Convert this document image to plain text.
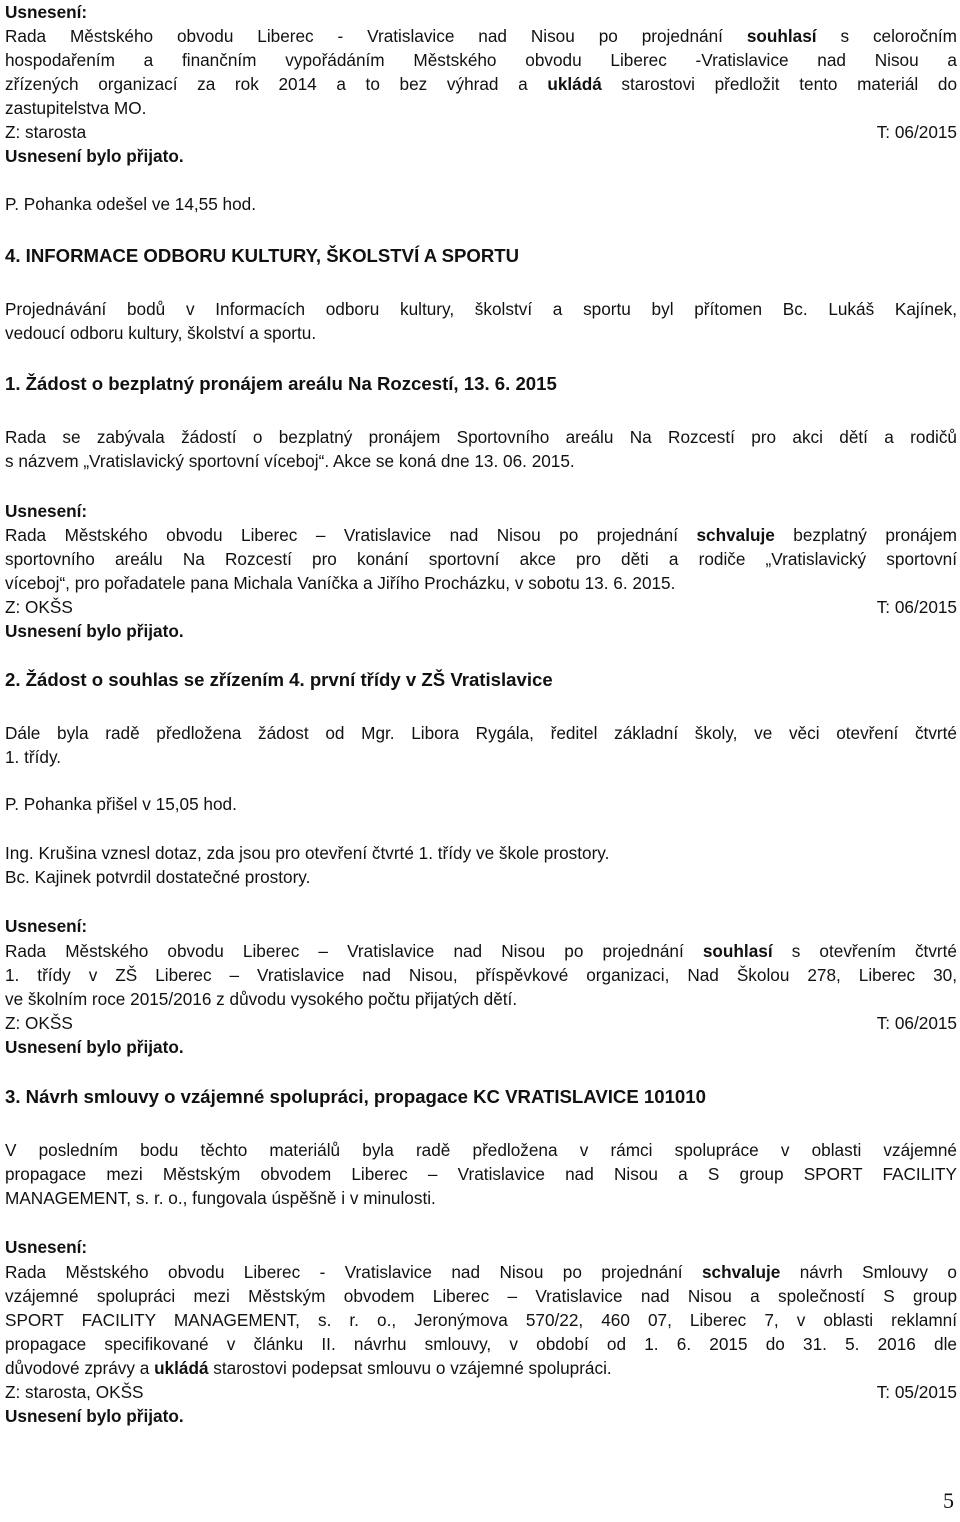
Usnesení:
Rada Městského obvodu Liberec - Vratislavice nad Nisou po projednání souhlasí s celoročním
hospodařením a finančním vypořádáním Městského obvodu Liberec -Vratislavice nad Nisou a
zřízených organizací za rok 2014 a to bez výhrad a ukládá starostovi předložit tento materiál do
zastupitelstva MO.
Z: starosta	T: 06/2015
Usnesení bylo přijato.
P. Pohanka odešel ve 14,55 hod.
4. INFORMACE ODBORU KULTURY, ŠKOLSTVÍ A SPORTU
Projednávání bodů v Informacích odboru kultury, školství a sportu byl přítomen Bc. Lukáš Kajínek,
vedoucí odboru kultury, školství a sportu.
1. Žádost o bezplatný pronájem areálu Na Rozcestí, 13. 6. 2015
Rada se zabývala žádostí o bezplatný pronájem Sportovního areálu Na Rozcestí pro akci dětí a rodičů
s názvem „Vratislavický sportovní víceboj“. Akce se koná dne 13. 06. 2015.
Usnesení:
Rada Městského obvodu Liberec – Vratislavice nad Nisou po projednání schvaluje bezplatný pronájem
sportovního areálu Na Rozcestí pro konání sportovní akce pro děti a rodiče „Vratislavický sportovní
víceboj“, pro pořadatele pana Michala Vaníčka a Jiřího Procházku, v sobotu 13. 6. 2015.
Z: OKŠS	T: 06/2015
Usnesení bylo přijato.
2. Žádost o souhlas se zřízením 4. první třídy v ZŠ Vratislavice
Dále byla radě předložena žádost od Mgr. Libora Rygála, ředitel základní školy, ve věci otevření čtvrté
1. třídy.
P. Pohanka přišel v 15,05 hod.
Ing. Krušina vznesl dotaz, zda jsou pro otevření čtvrté 1. třídy ve škole prostory.
Bc. Kajinek potvrdil dostatečné prostory.
Usnesení:
Rada Městského obvodu Liberec – Vratislavice nad Nisou po projednání souhlasí s otevřením čtvrté
1. třídy v ZŠ Liberec – Vratislavice nad Nisou, příspěvkové organizaci, Nad Školou 278, Liberec 30,
ve školním roce 2015/2016 z důvodu vysokého počtu přijatých dětí.
Z: OKŠS	T: 06/2015
Usnesení bylo přijato.
3. Návrh smlouvy o vzájemné spolupráci, propagace KC VRATISLAVICE 101010
V posledním bodu těchto materiálů byla radě předložena v rámci spolupráce v oblasti vzájemné
propagace mezi Městským obvodem Liberec – Vratislavice nad Nisou a S group SPORT FACILITY
MANAGEMENT, s. r. o., fungovala úspěšně i v minulosti.
Usnesení:
Rada Městského obvodu Liberec - Vratislavice nad Nisou po projednání schvaluje návrh Smlouvy o
vzájemné spolupráci mezi Městským obvodem Liberec – Vratislavice nad Nisou a společností S group
SPORT FACILITY MANAGEMENT, s. r. o., Jeronýmova 570/22, 460 07, Liberec 7, v oblasti reklamní
propagace specifikované v článku II. návrhu smlouvy, v období od 1. 6. 2015 do 31. 5. 2016 dle
důvodové zprávy a ukládá starostovi podepsat smlouvu o vzájemné spolupráci.
Z: starosta, OKŠS	T: 05/2015
Usnesení bylo přijato.
5
